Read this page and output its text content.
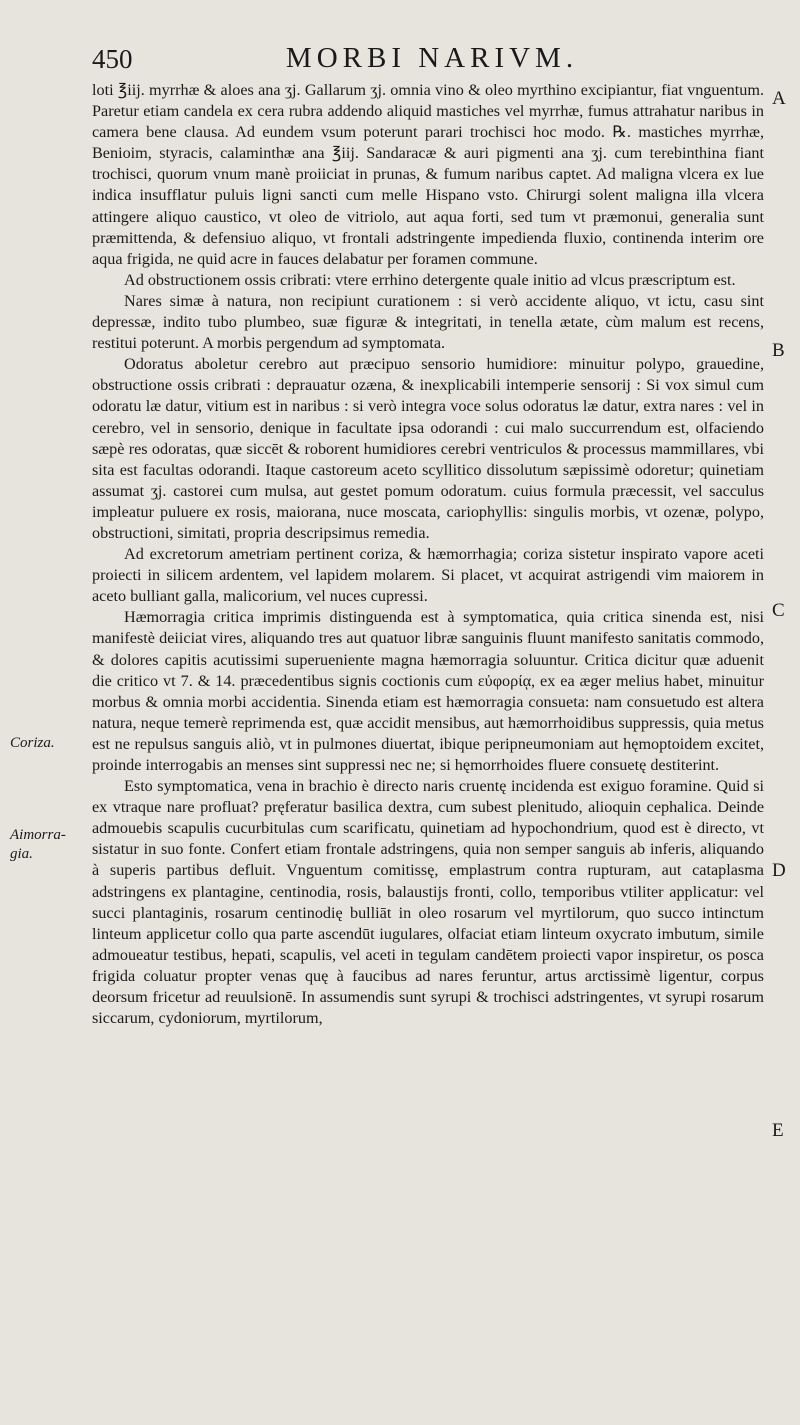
450	MORBI NARIVM.

loti ℥iij. myrrhæ & aloes ana ʒj. Gallarum ʒj. omnia vino & oleo myrthino excipiantur, fiat vnguentum. Paretur etiam candela ex cera rubra addendo aliquid mastiches vel myrrhæ, fumus attrahatur naribus in camera bene clausa. Ad eundem vsum poterunt parari trochisci hoc modo. ℞. mastiches myrrhæ, Benioim, styracis, calaminthæ ana ℥iij. Sandaracæ & auri pigmenti ana ʒj. cum terebinthina fiant trochisci, quorum vnum manè proiiciat in prunas, & fumum naribus captet. Ad maligna vlcera ex lue indica insufflatur puluis ligni sancti cum melle Hispano vsto. Chirurgi solent maligna illa vlcera attingere aliquo caustico, vt oleo de vitriolo, aut aqua forti, sed tum vt præmonui, generalia sunt præmittenda, & defensiuo aliquo, vt frontali adstringente impedienda fluxio, continenda interim ore aqua frigida, ne quid acre in fauces delabatur per foramen commune.

Ad obstructionem ossis cribrati: vtere errhino detergente quale initio ad vlcus præscriptum est.

Nares simæ à natura, non recipiunt curationem : si verò accidente aliquo, vt ictu, casu sint depressæ, indito tubo plumbeo, suæ figuræ & integritati, in tenella ætate, cùm malum est recens, restitui poterunt. A morbis pergendum ad symptomata.

Odoratus aboletur cerebro aut præcipuo sensorio humidiore: minuitur polypo, grauedine, obstructione ossis cribrati : deprauatur ozæna, & inexplicabili intemperie sensorij : Si vox simul cum odoratu læ datur, vitium est in naribus : si verò integra voce solus odoratus læ datur, extra nares : vel in cerebro, vel in sensorio, denique in facultate ipsa odorandi : cui malo succurrendum est, olfaciendo sæpè res odoratas, quæ siccēt & roborent humidiores cerebri ventriculos & processus mammillares, vbi sita est facultas odorandi. Itaque castoreum aceto scyllitico dissolutum sæpissimè odoretur; quinetiam assumat ʒj. castorei cum mulsa, aut gestet pomum odoratum. cuius formula præcessit, vel sacculus impleatur puluere ex rosis, maiorana, nuce moscata, cariophyllis: singulis morbis, vt ozenæ, polypo, obstructioni, simitati, propria descripsimus remedia.

Ad excretorum ametriam pertinent coriza, & hæmorrhagia; coriza sistetur inspirato vapore aceti proiecti in silicem ardentem, vel lapidem molarem. Si placet, vt acquirat astrigendi vim maiorem in aceto bulliant galla, malicorium, vel nuces cupressi.

Hæmorragia critica imprimis distinguenda est à symptomatica, quia critica sinenda est, nisi manifestè deiiciat vires, aliquando tres aut quatuor libræ sanguinis fluunt manifesto sanitatis commodo, & dolores capitis acutissimi superueniente magna hæmorragia soluuntur. Critica dicitur quæ aduenit die critico vt 7. & 14. præcedentibus signis coctionis cum εὐφορίᾳ, ex ea æger melius habet, minuitur morbus & omnia morbi accidentia. Sinenda etiam est hæmorragia consueta: nam consuetudo est altera natura, neque temerè reprimenda est, quæ accidit mensibus, aut hæmorrhoidibus suppressis, quia metus est ne repulsus sanguis aliò, vt in pulmones diuertat, ibique peripneumoniam aut hęmoptoidem excitet, proinde interrogabis an menses sint suppressi nec ne; si hęmorrhoides fluere consuetę destiterint.

Esto symptomatica, vena in brachio è directo naris cruentę incidenda est exiguo foramine. Quid si ex vtraque nare profluat? pręferatur basilica dextra, cum subest plenitudo, alioquin cephalica. Deinde admouebis scapulis cucurbitulas cum scarificatu, quinetiam ad hypochondrium, quod est è directo, vt sistatur in suo fonte. Confert etiam frontale adstringens, quia non semper sanguis ab inferis, aliquando à superis partibus defluit. Vnguentum comitissę, emplastrum contra rupturam, aut cataplasma adstringens ex plantagine, centinodia, rosis, balaustijs fronti, collo, temporibus vtiliter applicatur: vel succi plantaginis, rosarum centinodię bulliāt in oleo rosarum vel myrtilorum, quo succo intinctum linteum applicetur collo qua parte ascendūt iugulares, olfaciat etiam linteum oxycrato imbutum, simile admoueatur testibus, hepati, scapulis, vel aceti in tegulam candētem proiecti vapor inspiretur, os posca frigida coluatur propter venas quę à faucibus ad nares feruntur, artus arctissimè ligentur, corpus deorsum fricetur ad reuulsionē. In assumendis sunt syrupi & trochisci adstringentes, vt syrupi rosarum siccarum, cydoniorum, myrtilorum,

A
B
C
D
E
Coriza.
Aimorra-
gia.
